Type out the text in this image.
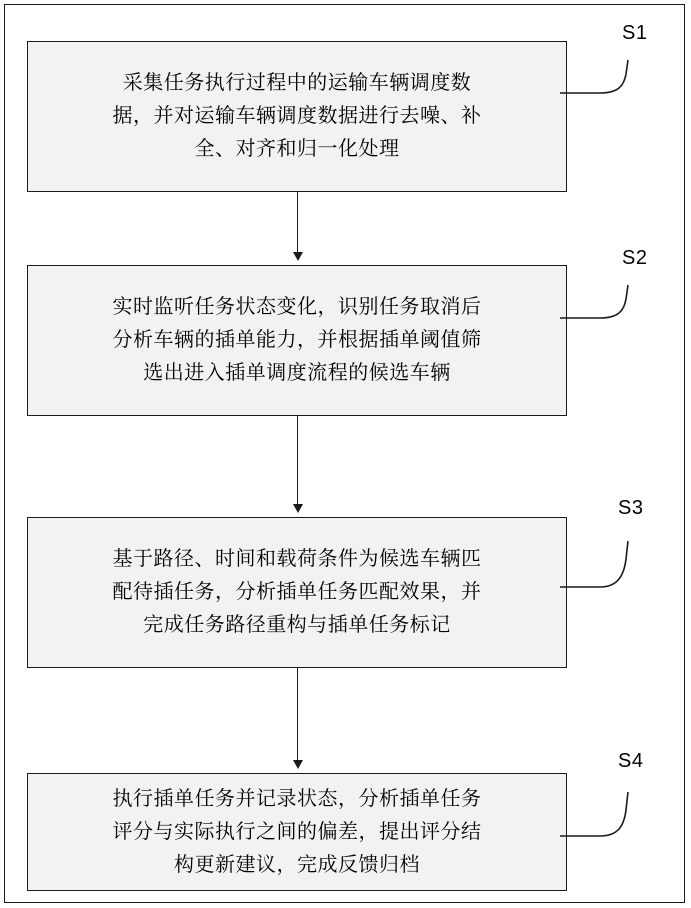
采集任务执行过程中的运输车辆调度数
据，并对运输车辆调度数据进行去噪、补
全、对齐和归一化处理
S1
实时监听任务状态变化，识别任务取消后
分析车辆的插单能力，并根据插单阈值筛
选出进入插单调度流程的候选车辆
S2
基于路径、时间和载荷条件为候选车辆匹
配待插任务，分析插单任务匹配效果，并
完成任务路径重构与插单任务标记
S3
执行插单任务并记录状态，分析插单任务
评分与实际执行之间的偏差，提出评分结
构更新建议，完成反馈归档
S4
